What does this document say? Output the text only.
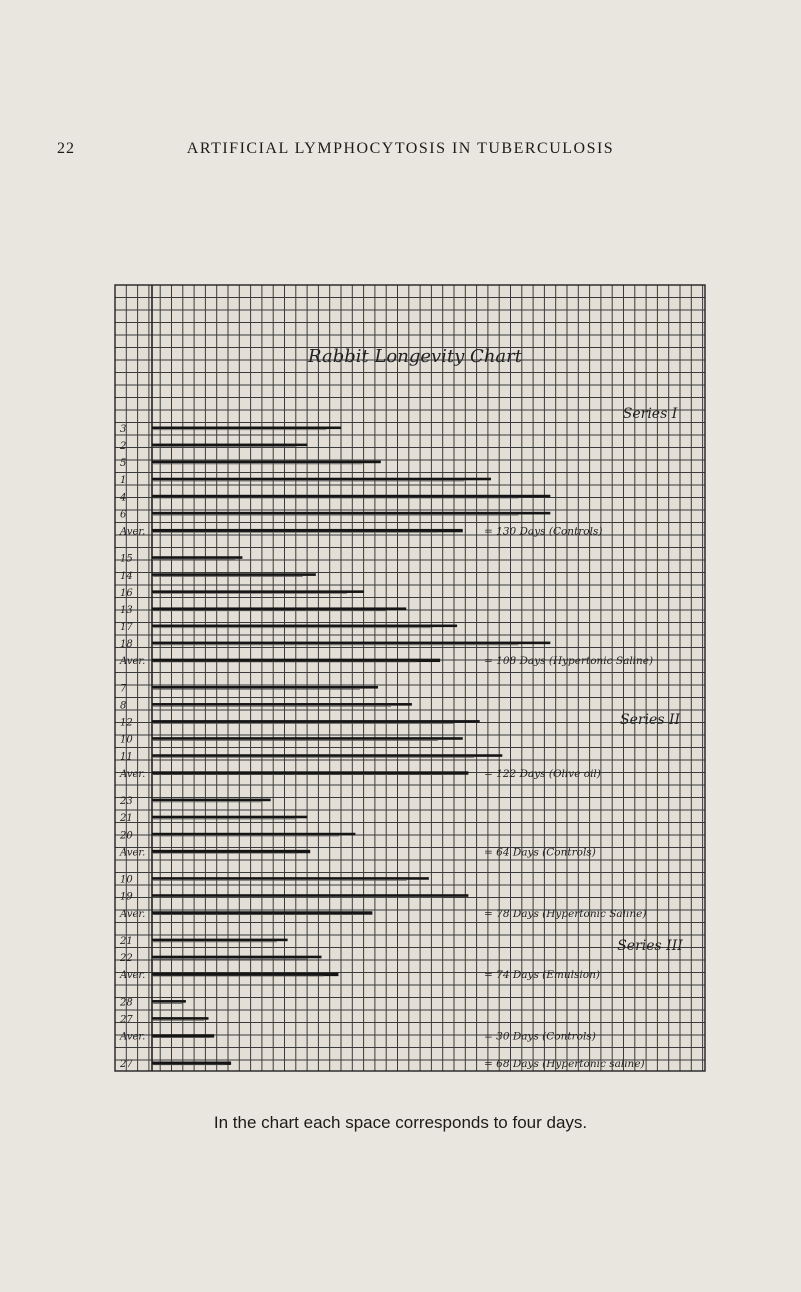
22	ARTIFICIAL LYMPHOCYTOSIS IN TUBERCULOSIS
3
2
5
1
4
6
Aver.	= 130 Days (Controls)
15
14
16
13
17
18
Aver.	= 108 Days (Hypertonic Saline)
7
8
12
10
11
Aver.	= 122 Days (Olive oil)
23
21
20
Aver.	= 64 Days (Controls)
10
19
Aver.	= 78 Days (Hypertonic Saline)
21
22
Aver.	= 74 Days (Emulsion)
28
27
Aver.	= 30 Days (Controls)
27	= 68 Days (Hypertonic saline)
Series I
Series II
Series III
Rabbit Longevity Chart
In the chart each space corresponds to four days.
